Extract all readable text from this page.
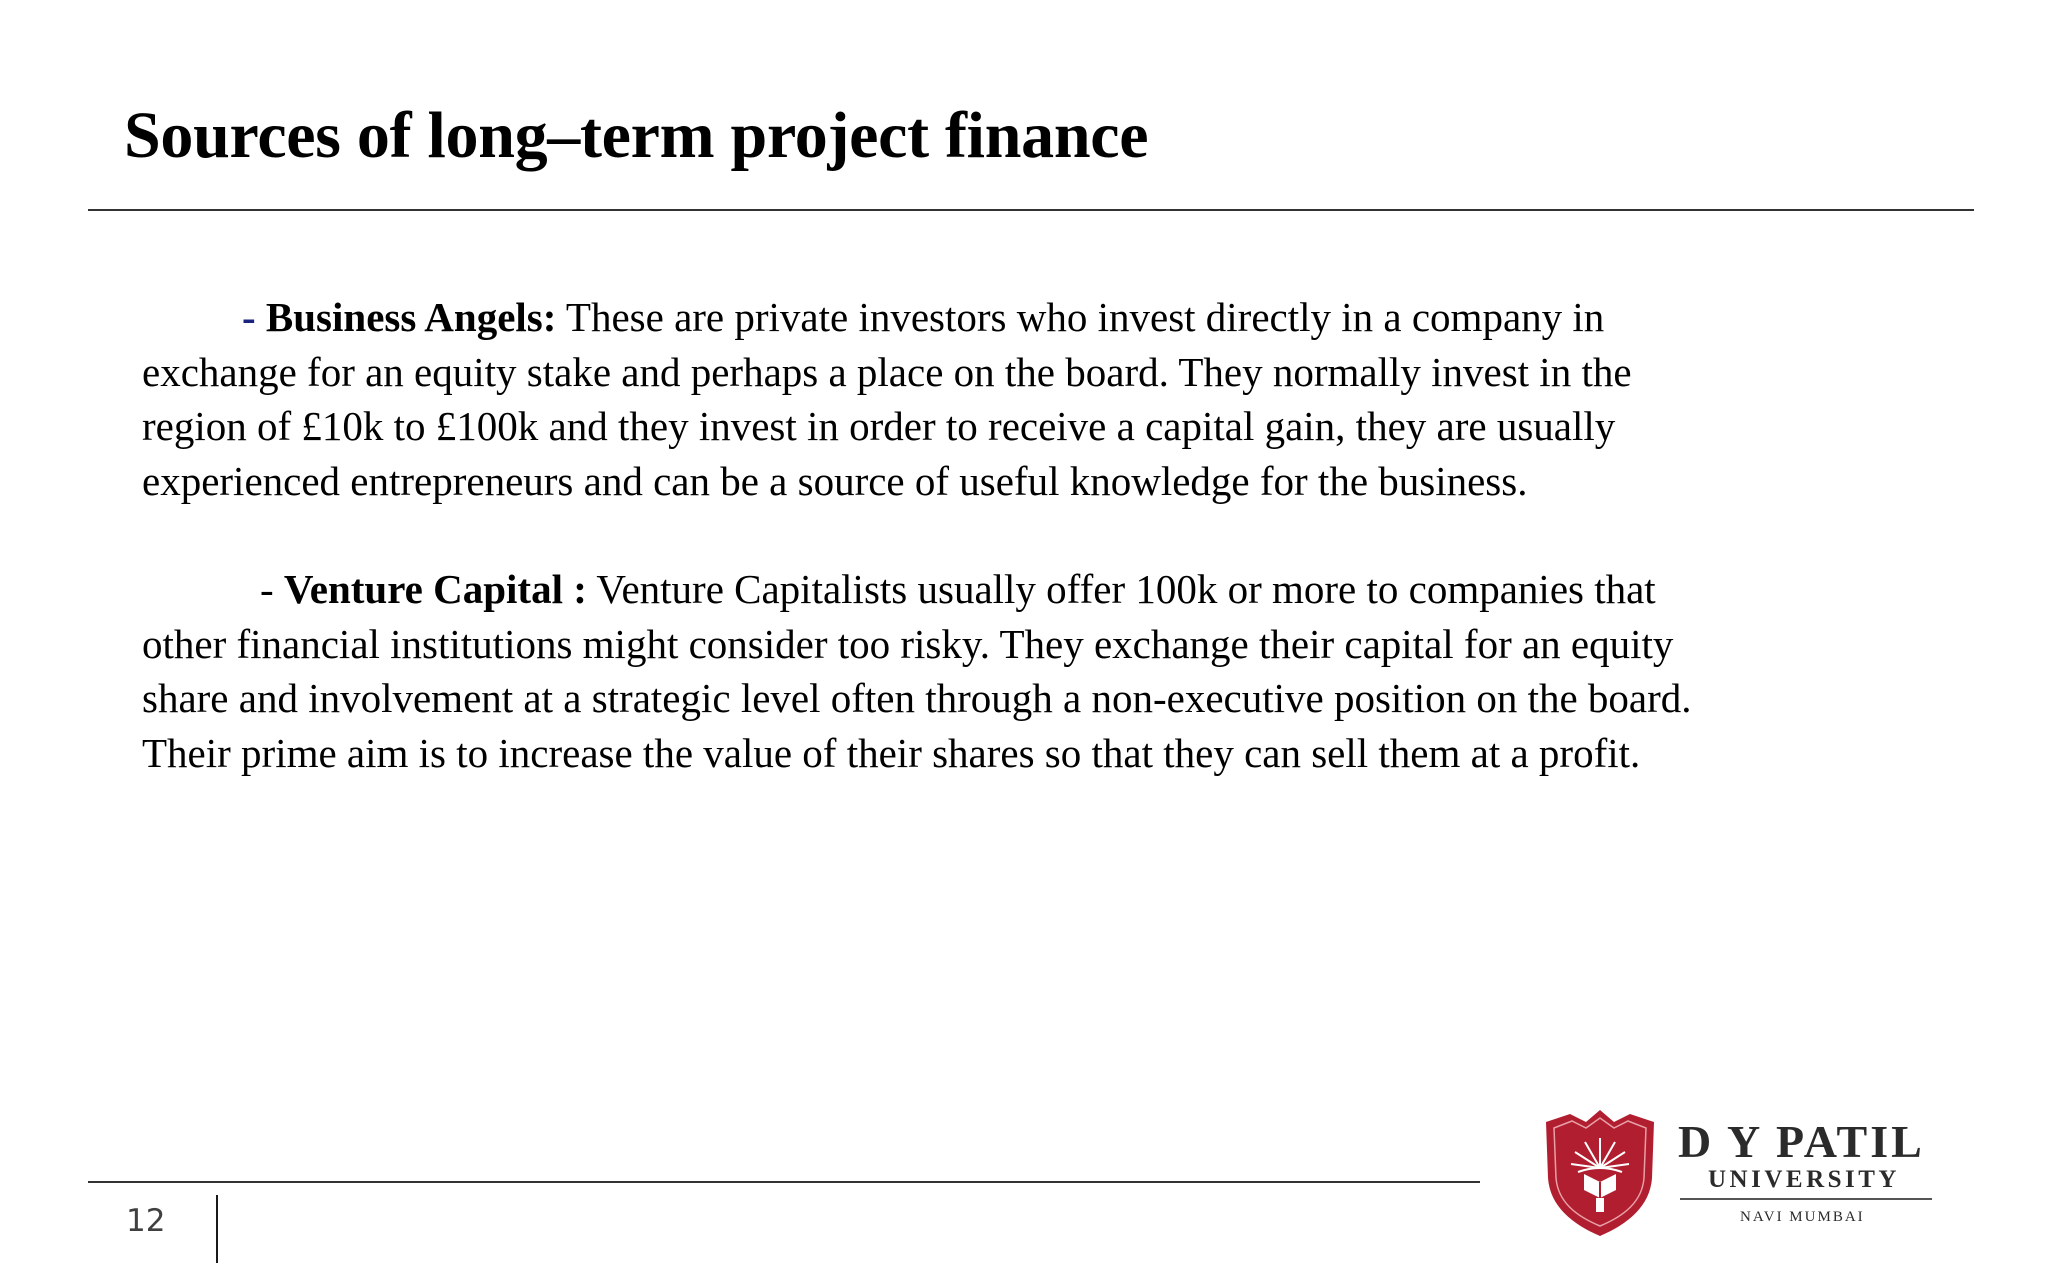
Sources of long–term project finance

- Business Angels: These are private investors who invest directly in a company in
exchange for an equity stake and perhaps a place on the board. They normally invest in the
region of £10k to £100k and they invest in order to receive a capital gain, they are usually
experienced entrepreneurs and can be a source of useful knowledge for the business.

- Venture Capital : Venture Capitalists usually offer 100k or more to companies that
other financial institutions might consider too risky. They exchange their capital for an equity
share and involvement at a strategic level often through a non-executive position on the board.
Their prime aim is to increase the value of their shares so that they can sell them at a profit.

12
D Y PATIL
UNIVERSITY
NAVI MUMBAI
